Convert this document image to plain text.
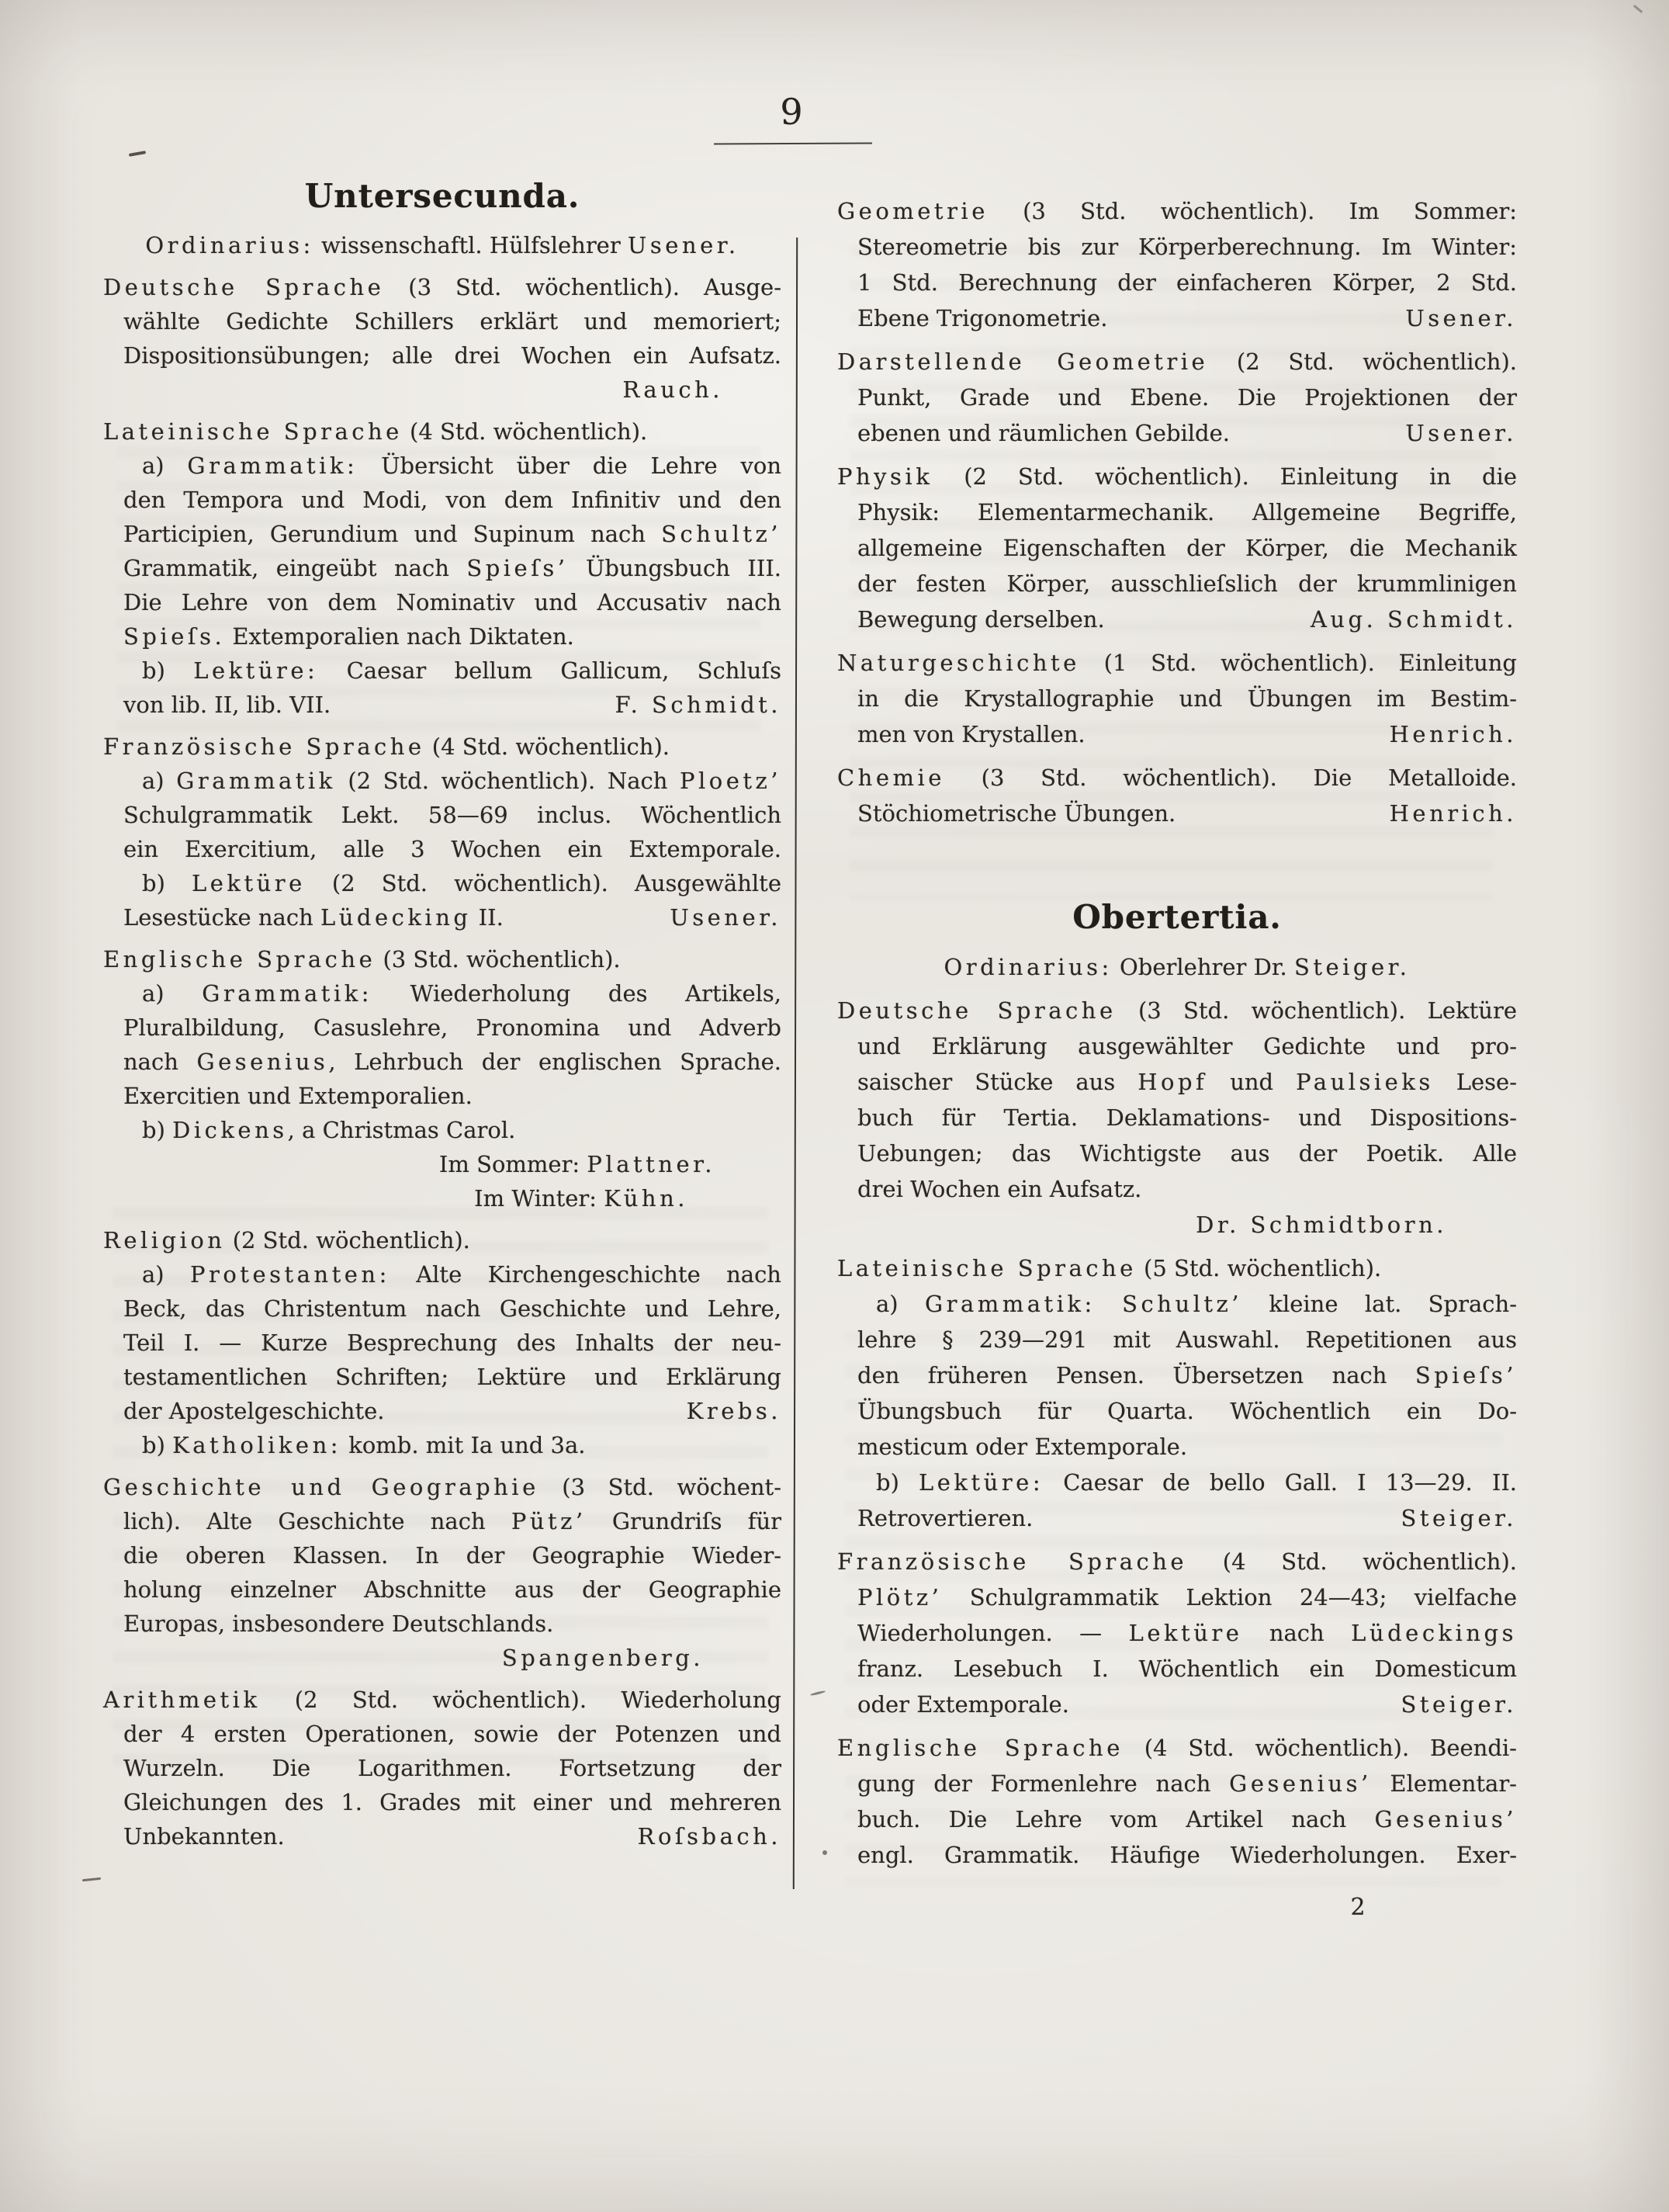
9
Untersecunda.
Ordinarius: wissenschaftl. Hülfslehrer Usener.
Deutsche Sprache (3 Std. wöchentlich). Ausge-
wählte Gedichte Schillers erklärt und memoriert;
Dispositionsübungen; alle drei Wochen ein Aufsatz.
Rauch.
Lateinische Sprache (4 Std. wöchentlich).
a) Grammatik: Übersicht über die Lehre von
den Tempora und Modi, von dem Infinitiv und den
Participien, Gerundium und Supinum nach Schultz’
Grammatik, eingeübt nach Spieſs’ Übungsbuch III.
Die Lehre von dem Nominativ und Accusativ nach
Spieſs. Extemporalien nach Diktaten.
b) Lektüre: Caesar bellum Gallicum, Schluſs
von lib. II, lib. VII.	F. Schmidt.
Französische Sprache (4 Std. wöchentlich).
a) Grammatik (2 Std. wöchentlich). Nach Ploetz’
Schulgrammatik Lekt. 58—69 inclus. Wöchentlich
ein Exercitium, alle 3 Wochen ein Extemporale.
b) Lektüre (2 Std. wöchentlich). Ausgewählte
Lesestücke nach Lüdecking II.	Usener.
Englische Sprache (3 Std. wöchentlich).
a) Grammatik: Wiederholung des Artikels,
Pluralbildung, Casuslehre, Pronomina und Adverb
nach Gesenius, Lehrbuch der englischen Sprache.
Exercitien und Extemporalien.
b) Dickens, a Christmas Carol.
Im Sommer: Plattner.
Im Winter: Kühn.
Religion (2 Std. wöchentlich).
a) Protestanten: Alte Kirchengeschichte nach
Beck, das Christentum nach Geschichte und Lehre,
Teil I. — Kurze Besprechung des Inhalts der neu-
testamentlichen Schriften; Lektüre und Erklärung
der Apostelgeschichte.	Krebs.
b) Katholiken: komb. mit Ia und 3a.
Geschichte und Geographie (3 Std. wöchent-
lich). Alte Geschichte nach Pütz’ Grundriſs für
die oberen Klassen. In der Geographie Wieder-
holung einzelner Abschnitte aus der Geographie
Europas, insbesondere Deutschlands.
Spangenberg.
Arithmetik (2 Std. wöchentlich). Wiederholung
der 4 ersten Operationen, sowie der Potenzen und
Wurzeln. Die Logarithmen. Fortsetzung der
Gleichungen des 1. Grades mit einer und mehreren
Unbekannten.	Roſsbach.
Geometrie (3 Std. wöchentlich). Im Sommer:
Stereometrie bis zur Körperberechnung. Im Winter:
1 Std. Berechnung der einfacheren Körper, 2 Std.
Ebene Trigonometrie.	Usener.
Darstellende Geometrie (2 Std. wöchentlich).
Punkt, Grade und Ebene. Die Projektionen der
ebenen und räumlichen Gebilde.	Usener.
Physik (2 Std. wöchentlich). Einleitung in die
Physik: Elementarmechanik. Allgemeine Begriffe,
allgemeine Eigenschaften der Körper, die Mechanik
der festen Körper, ausschlieſslich der krummlinigen
Bewegung derselben.	Aug. Schmidt.
Naturgeschichte (1 Std. wöchentlich). Einleitung
in die Krystallographie und Übungen im Bestim-
men von Krystallen.	Henrich.
Chemie (3 Std. wöchentlich). Die Metalloide.
Stöchiometrische Übungen.	Henrich.
Obertertia.
Ordinarius: Oberlehrer Dr. Steiger.
Deutsche Sprache (3 Std. wöchentlich). Lektüre
und Erklärung ausgewählter Gedichte und pro-
saischer Stücke aus Hopf und Paulsieks Lese-
buch für Tertia. Deklamations- und Dispositions-
Uebungen; das Wichtigste aus der Poetik. Alle
drei Wochen ein Aufsatz.
Dr. Schmidtborn.
Lateinische Sprache (5 Std. wöchentlich).
a) Grammatik: Schultz’ kleine lat. Sprach-
lehre § 239—291 mit Auswahl. Repetitionen aus
den früheren Pensen. Übersetzen nach Spieſs’
Übungsbuch für Quarta. Wöchentlich ein Do-
mesticum oder Extemporale.
b) Lektüre: Caesar de bello Gall. I 13—29. II.
Retrovertieren.	Steiger.
Französische Sprache (4 Std. wöchentlich).
Plötz’ Schulgrammatik Lektion 24—43; vielfache
Wiederholungen. — Lektüre nach Lüdeckings
franz. Lesebuch I. Wöchentlich ein Domesticum
oder Extemporale.	Steiger.
Englische Sprache (4 Std. wöchentlich). Beendi-
gung der Formenlehre nach Gesenius’ Elementar-
buch. Die Lehre vom Artikel nach Gesenius’
engl. Grammatik. Häufige Wiederholungen. Exer-
2
